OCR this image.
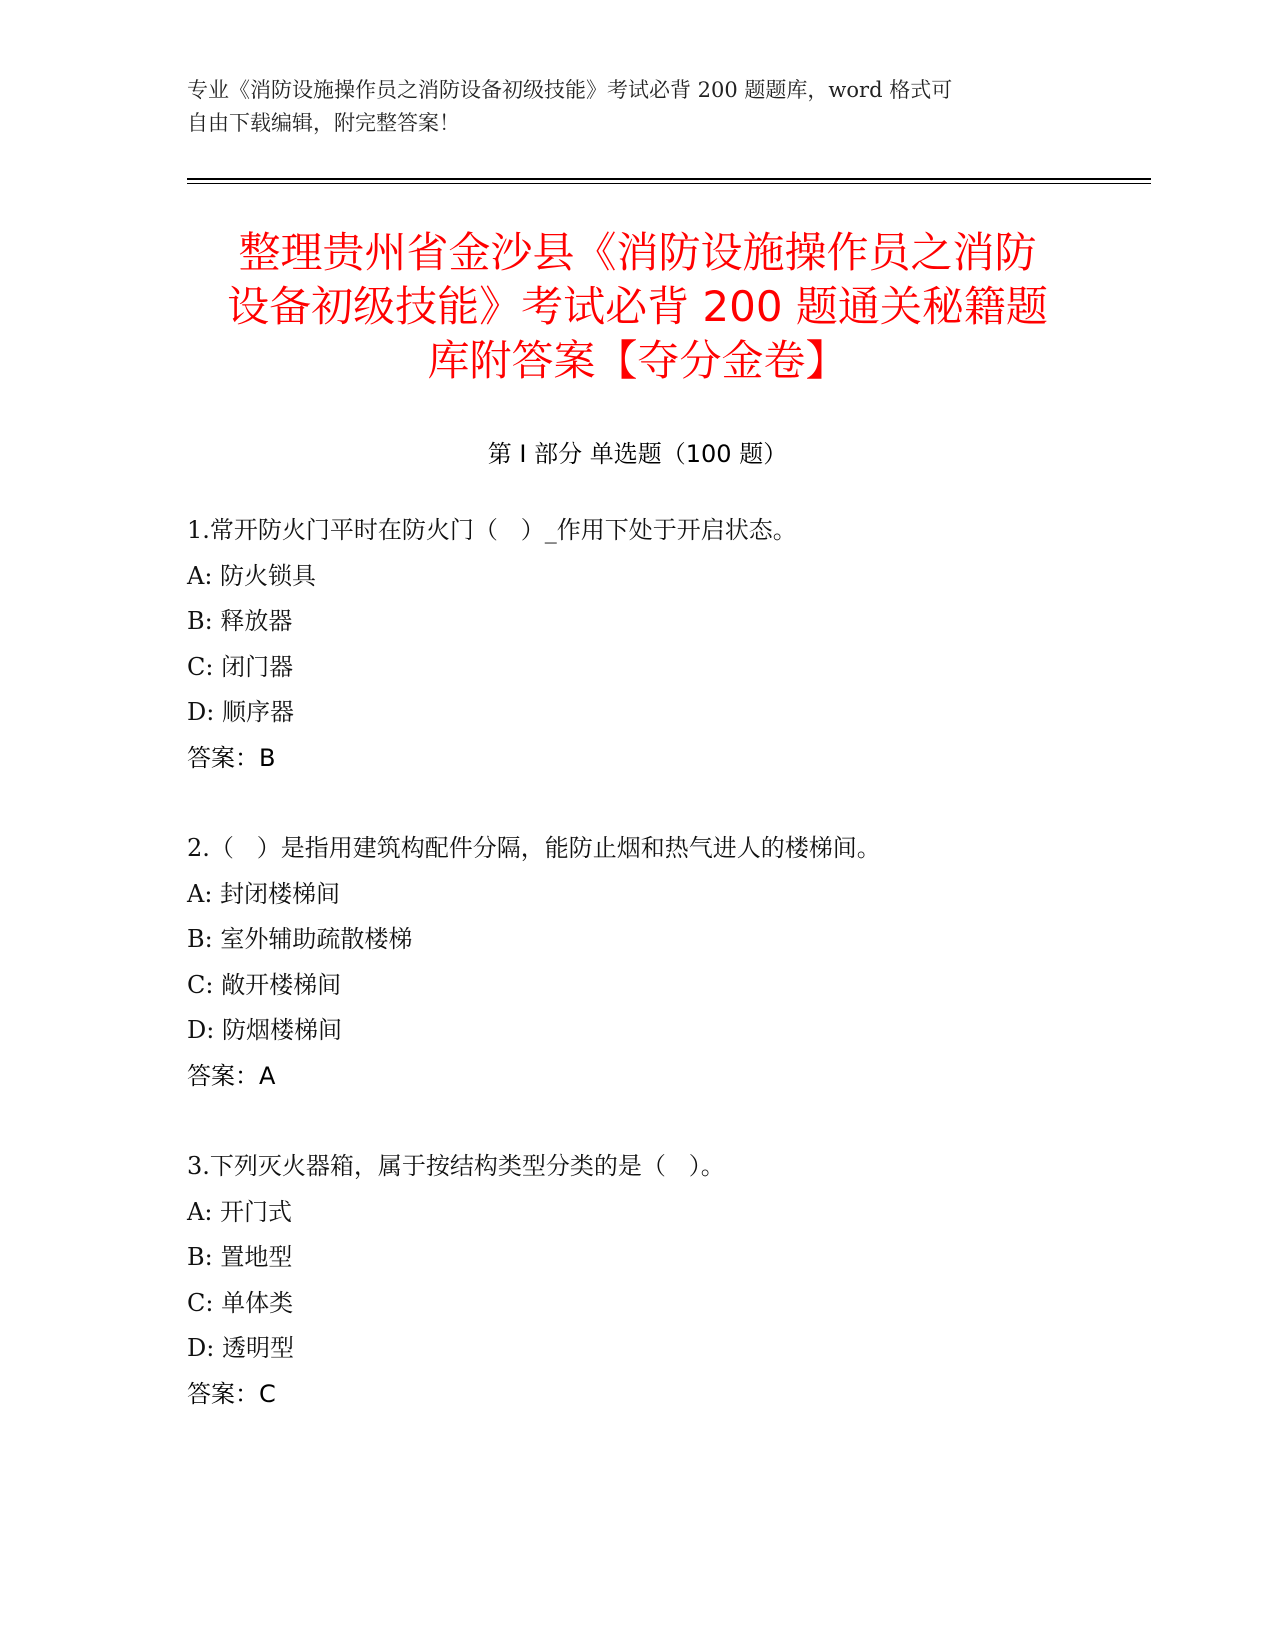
专业《消防设施操作员之消防设备初级技能》考试必背 200 题题库，word 格式可
自由下载编辑，附完整答案！
整理贵州省金沙县《消防设施操作员之消防
设备初级技能》考试必背 200 题通关秘籍题
库附答案【夺分金卷】
第 I 部分 单选题（100 题）
1.常开防火门平时在防火门（   ）_作用下处于开启状态。
A: 防火锁具
B: 释放器
C: 闭门器
D: 顺序器
答案：B
2.（   ）是指用建筑构配件分隔，能防止烟和热气进人的楼梯间。
A: 封闭楼梯间
B: 室外辅助疏散楼梯
C: 敞开楼梯间
D: 防烟楼梯间
答案：A
3.下列灭火器箱，属于按结构类型分类的是（   ）。
A: 开门式
B: 置地型
C: 单体类
D: 透明型
答案：C
